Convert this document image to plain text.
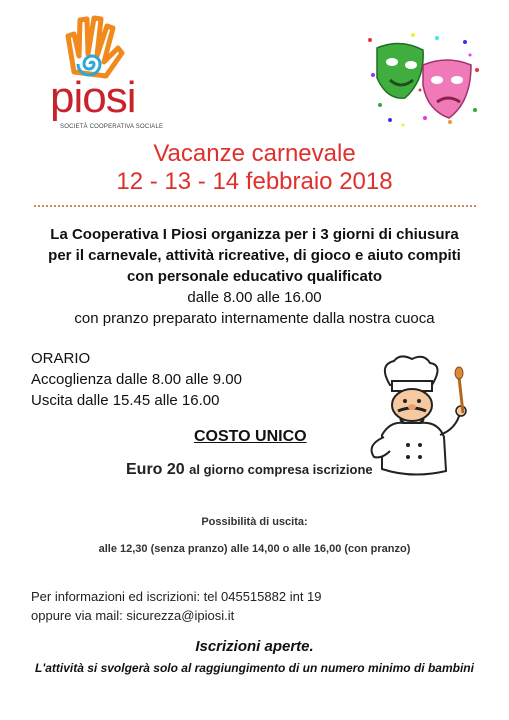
piosi
SOCIETÀ COOPERATIVA SOCIALE
Vacanze carnevale
12 - 13 - 14 febbraio 2018
La Cooperativa I Piosi organizza per i 3 giorni di chiusura
per il carnevale, attività ricreative, di gioco e aiuto compiti
con personale educativo qualificato
dalle 8.00 alle 16.00
con pranzo preparato internamente dalla nostra cuoca
ORARIO
Accoglienza dalle 8.00 alle 9.00
Uscita dalle 15.45 alle 16.00
COSTO UNICO
Euro 20 al giorno compresa iscrizione
Possibilità di uscita:
alle 12,30 (senza pranzo) alle 14,00 o alle 16,00 (con pranzo)
Per informazioni ed iscrizioni: tel 045515882 int 19
oppure via mail: sicurezza@ipiosi.it
Iscrizioni aperte.
L'attività si svolgerà solo al raggiungimento di un numero minimo di bambini
